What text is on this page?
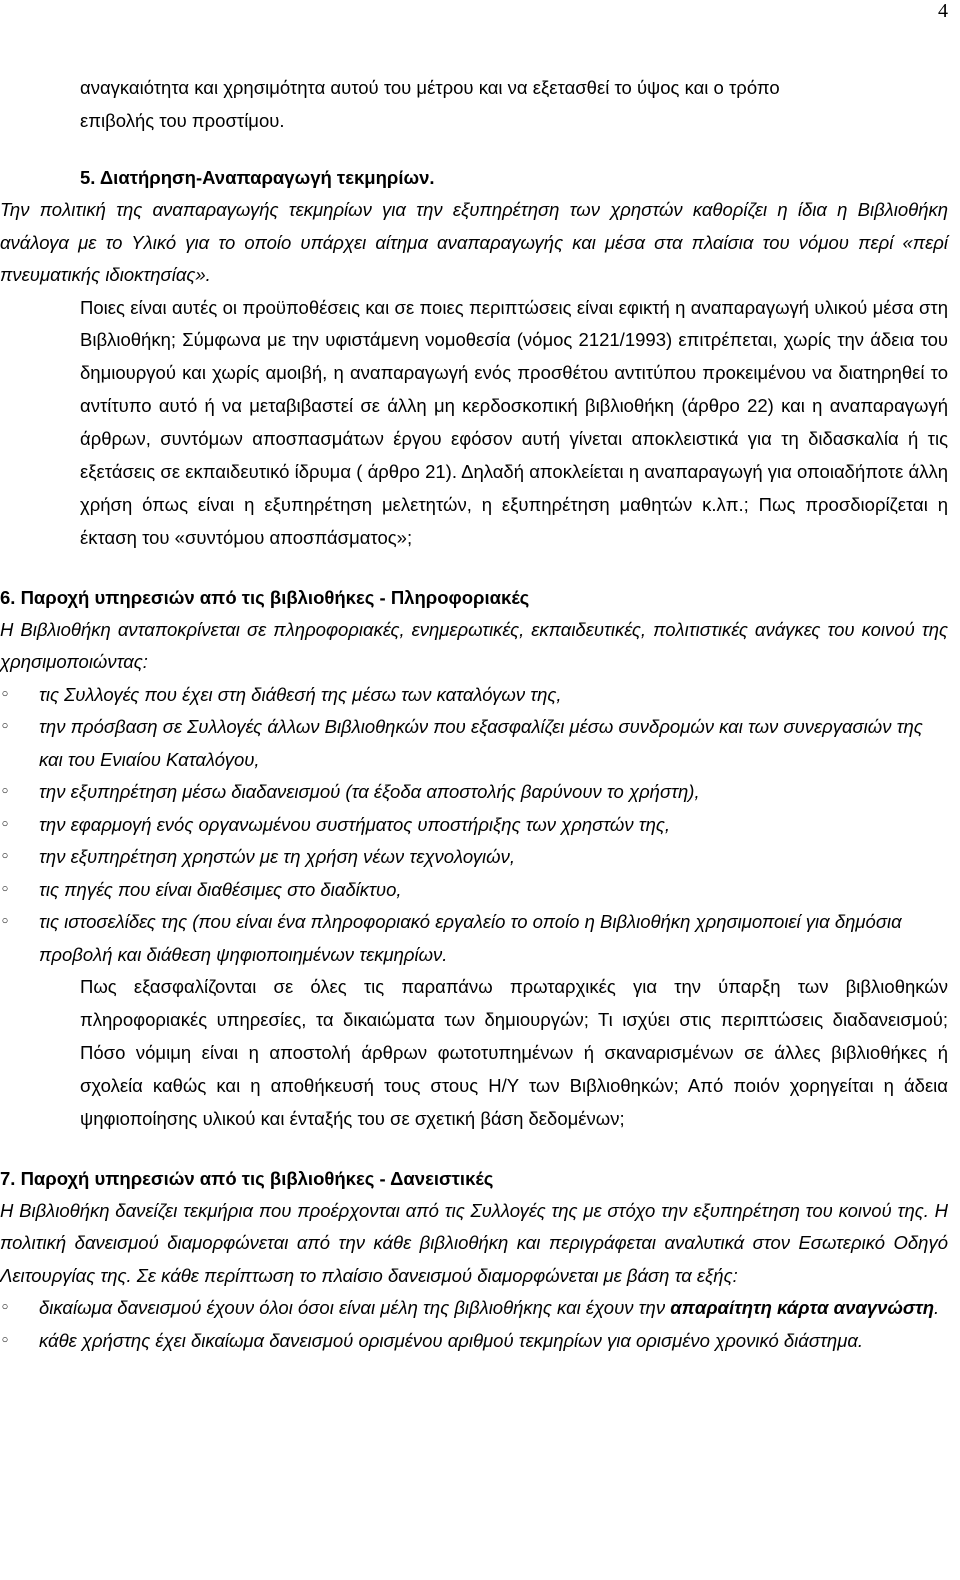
4

αναγκαιότητα και χρησιμότητα αυτού του μέτρου και να εξετασθεί το ύψος και ο τρόπο
επιβολής του προστίμου.

5. Διατήρηση-Αναπαραγωγή τεκμηρίων.

Την πολιτική της αναπαραγωγής τεκμηρίων για την εξυπηρέτηση των χρηστών καθορίζει η ίδια η Βιβλιοθήκη ανάλογα με το Υλικό για το οποίο υπάρχει αίτημα αναπαραγωγής και μέσα στα πλαίσια του νόμου περί «περί πνευματικής ιδιοκτησίας».

Ποιες είναι αυτές οι προϋποθέσεις και σε ποιες περιπτώσεις είναι εφικτή η αναπαραγωγή υλικού μέσα στη Βιβλιοθήκη; Σύμφωνα με την υφιστάμενη νομοθεσία (νόμος 2121/1993) επιτρέπεται, χωρίς την άδεια του δημιουργού και χωρίς αμοιβή, η αναπαραγωγή ενός προσθέτου αντιτύπου προκειμένου να διατηρηθεί το αντίτυπο αυτό ή να μεταβιβαστεί σε άλλη μη κερδοσκοπική βιβλιοθήκη (άρθρο 22) και η αναπαραγωγή άρθρων, συντόμων αποσπασμάτων έργου εφόσον αυτή γίνεται αποκλειστικά για τη διδασκαλία ή τις εξετάσεις σε εκπαιδευτικό ίδρυμα ( άρθρο 21). Δηλαδή αποκλείεται η αναπαραγωγή για οποιαδήποτε άλλη χρήση όπως είναι η εξυπηρέτηση μελετητών, η εξυπηρέτηση μαθητών κ.λπ.; Πως προσδιορίζεται η έκταση του «συντόμου αποσπάσματος»;

6. Παροχή υπηρεσιών από τις βιβλιοθήκες - Πληροφοριακές

Η Βιβλιοθήκη ανταποκρίνεται σε πληροφοριακές, ενημερωτικές, εκπαιδευτικές, πολιτιστικές ανάγκες του κοινού της χρησιμοποιώντας:

◦ τις Συλλογές που έχει στη διάθεσή της μέσω των καταλόγων της,
◦ την πρόσβαση σε Συλλογές άλλων Βιβλιοθηκών που εξασφαλίζει μέσω συνδρομών και των συνεργασιών της και του Ενιαίου Καταλόγου,
◦ την εξυπηρέτηση μέσω διαδανεισμού (τα έξοδα αποστολής βαρύνουν το χρήστη),
◦ την εφαρμογή ενός οργανωμένου συστήματος υποστήριξης των χρηστών της,
◦ την εξυπηρέτηση χρηστών με τη χρήση νέων τεχνολογιών,
◦ τις πηγές που είναι διαθέσιμες στο διαδίκτυο,
◦ τις ιστοσελίδες της (που είναι ένα πληροφοριακό εργαλείο το οποίο η Βιβλιοθήκη χρησιμοποιεί για δημόσια προβολή και διάθεση ψηφιοποιημένων τεκμηρίων.

Πως εξασφαλίζονται σε όλες τις παραπάνω πρωταρχικές για την ύπαρξη των βιβλιοθηκών πληροφοριακές υπηρεσίες, τα δικαιώματα των δημιουργών; Τι ισχύει στις περιπτώσεις διαδανεισμού; Πόσο νόμιμη είναι η αποστολή άρθρων φωτοτυπημένων ή σκαναρισμένων σε άλλες βιβλιοθήκες ή σχολεία καθώς και η αποθήκευσή τους στους Η/Υ των Βιβλιοθηκών; Από ποιόν χορηγείται η άδεια ψηφιοποίησης υλικού και ένταξής του σε σχετική βάση δεδομένων;

7. Παροχή υπηρεσιών από τις βιβλιοθήκες - Δανειστικές

Η Βιβλιοθήκη δανείζει τεκμήρια που προέρχονται από τις Συλλογές της με στόχο την εξυπηρέτηση του κοινού της. Η πολιτική δανεισμού διαμορφώνεται από την κάθε βιβλιοθήκη και περιγράφεται αναλυτικά στον Εσωτερικό Οδηγό Λειτουργίας της. Σε κάθε περίπτωση το πλαίσιο δανεισμού διαμορφώνεται με βάση τα εξής:

◦ δικαίωμα δανεισμού έχουν όλοι όσοι είναι μέλη της βιβλιοθήκης και έχουν την απαραίτητη κάρτα αναγνώστη.
◦ κάθε χρήστης έχει δικαίωμα δανεισμού ορισμένου αριθμού τεκμηρίων για ορισμένο χρονικό διάστημα.
